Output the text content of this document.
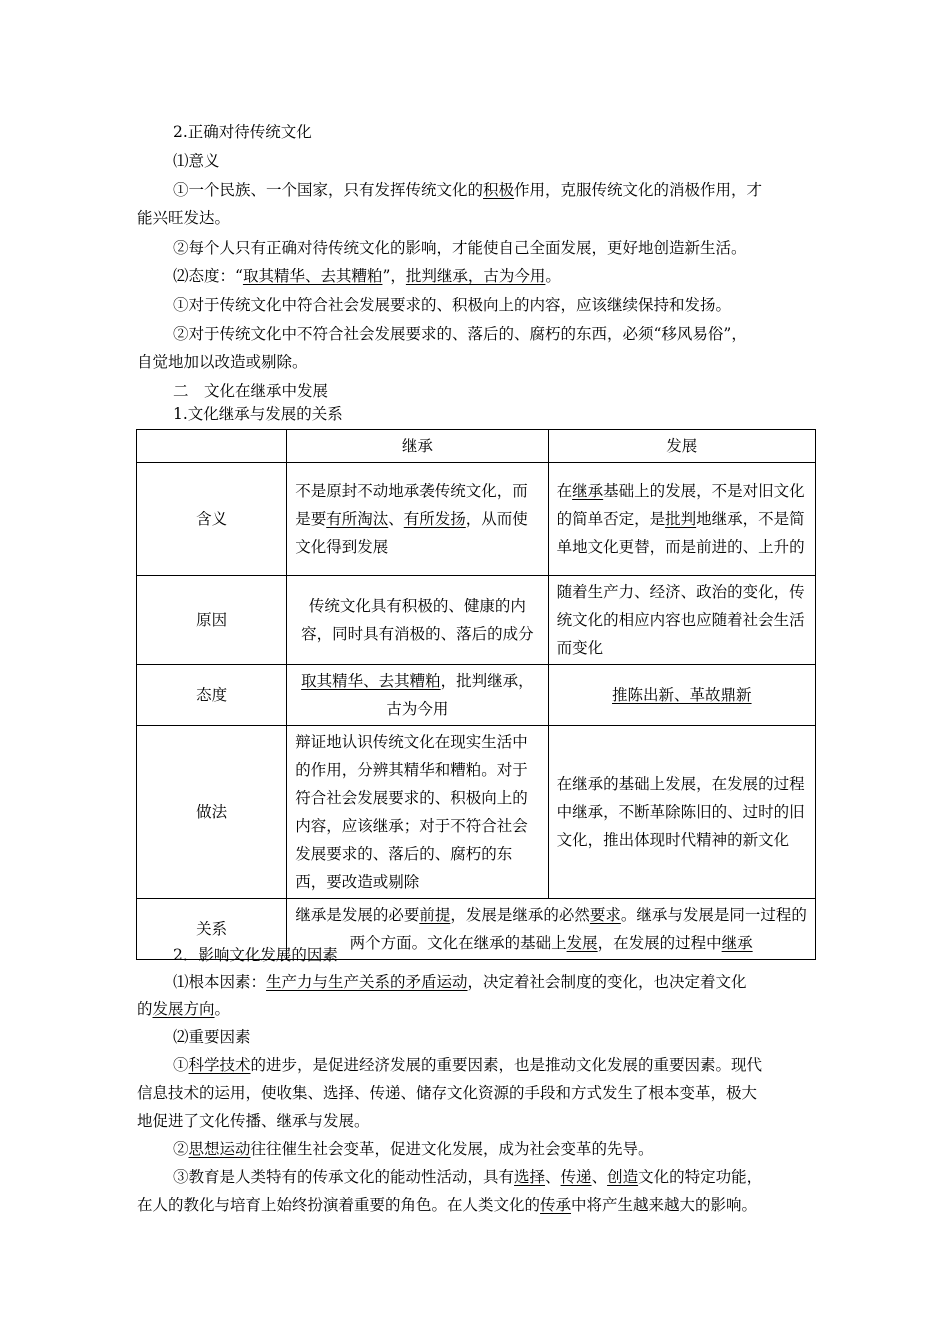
2.正确对待传统文化
⑴意义
①一个民族、一个国家，只有发挥传统文化的积极作用，克服传统文化的消极作用，才
能兴旺发达。
②每个人只有正确对待传统文化的影响，才能使自己全面发展，更好地创造新生活。
⑵态度：“取其精华、去其糟粕”，批判继承，古为今用。
①对于传统文化中符合社会发展要求的、积极向上的内容，应该继续保持和发扬。
②对于传统文化中不符合社会发展要求的、落后的、腐朽的东西，必须“移风易俗”，
自觉地加以改造或剔除。
二　文化在继承中发展
1.文化继承与发展的关系
	继承	发展
含义	不是原封不动地承袭传统文化，而是要有所淘汰、有所发扬，从而使文化得到发展	在继承基础上的发展，不是对旧文化的简单否定，是批判地继承，不是简单地文化更替，而是前进的、上升的
原因	传统文化具有积极的、健康的内容，同时具有消极的、落后的成分	随着生产力、经济、政治的变化，传统文化的相应内容也应随着社会生活而变化
态度	取其精华、去其糟粕，批判继承，古为今用	推陈出新、革故鼎新
做法	辩证地认识传统文化在现实生活中的作用，分辨其精华和糟粕。对于符合社会发展要求的、积极向上的内容，应该继承；对于不符合社会发展要求的、落后的、腐朽的东西，要改造或剔除	在继承的基础上发展，在发展的过程中继承，不断革除陈旧的、过时的旧文化，推出体现时代精神的新文化
关系	继承是发展的必要前提，发展是继承的必然要求。继承与发展是同一过程的两个方面。文化在继承的基础上发展，在发展的过程中继承	
2．影响文化发展的因素
⑴根本因素：生产力与生产关系的矛盾运动，决定着社会制度的变化，也决定着文化
的发展方向。
⑵重要因素
①科学技术的进步，是促进经济发展的重要因素，也是推动文化发展的重要因素。现代
信息技术的运用，使收集、选择、传递、储存文化资源的手段和方式发生了根本变革，极大
地促进了文化传播、继承与发展。
②思想运动往往催生社会变革，促进文化发展，成为社会变革的先导。
③教育是人类特有的传承文化的能动性活动，具有选择、传递、创造文化的特定功能，
在人的教化与培育上始终扮演着重要的角色。在人类文化的传承中将产生越来越大的影响。
